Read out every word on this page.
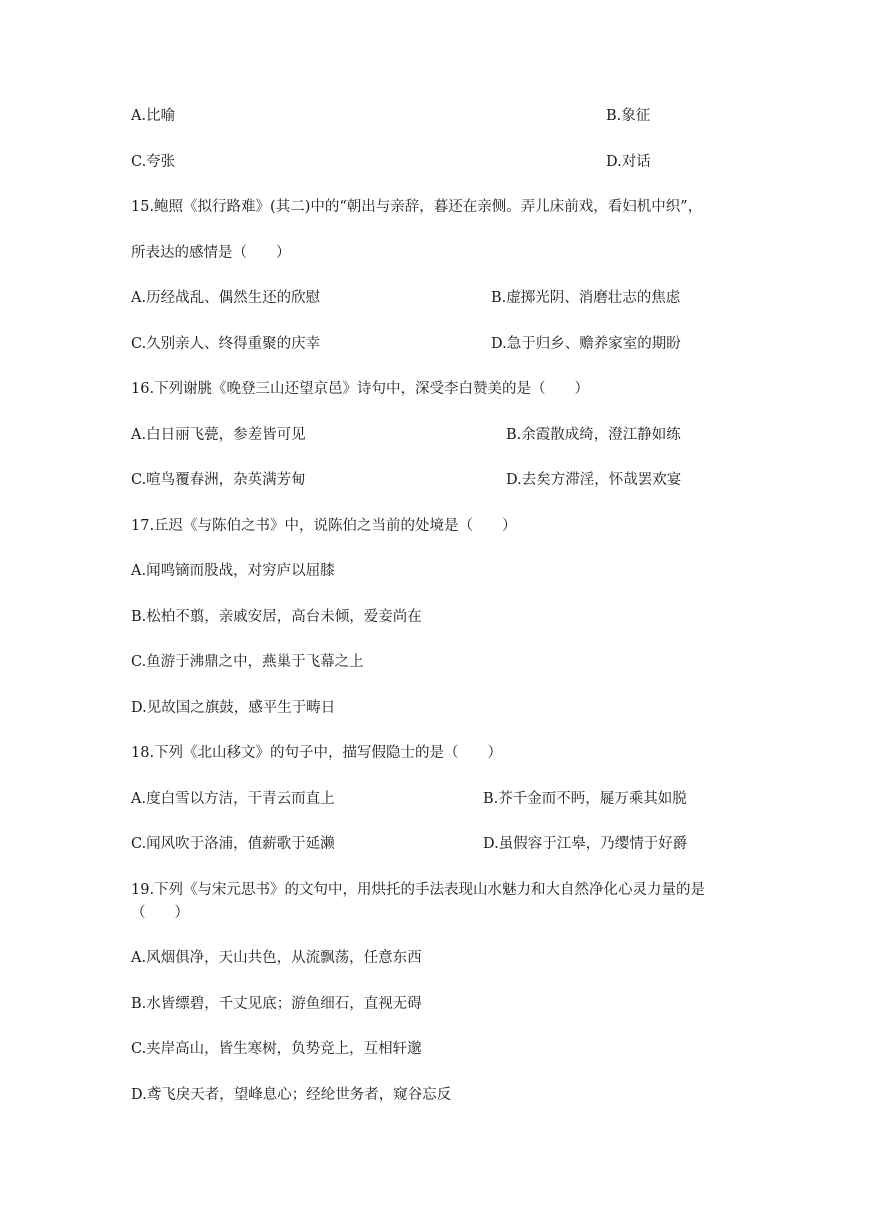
A.比喻	B.象征
C.夸张	D.对话
15.鲍照《拟行路难》(其二)中的“朝出与亲辞，暮还在亲侧。弄儿床前戏，看妇机中织”，
所表达的感情是（　　）
A.历经战乱、偶然生还的欣慰	B.虚掷光阴、消磨壮志的焦虑
C.久别亲人、终得重聚的庆幸	D.急于归乡、赡养家室的期盼
16.下列谢朓《晚登三山还望京邑》诗句中，深受李白赞美的是（　　）
A.白日丽飞甍，参差皆可见	B.余霞散成绮，澄江静如练
C.喧鸟覆春洲，杂英满芳甸	D.去矣方滞淫，怀哉罢欢宴
17.丘迟《与陈伯之书》中，说陈伯之当前的处境是（　　）
A.闻鸣镝而股战，对穷庐以屈膝
B.松柏不翦，亲戚安居，高台未倾，爱妾尚在
C.鱼游于沸鼎之中，燕巢于飞幕之上
D.见故国之旗鼓，感平生于畴日
18.下列《北山移文》的句子中，描写假隐士的是（　　）
A.度白雪以方洁，干青云而直上	B.芥千金而不眄，屣万乘其如脱
C.闻风吹于洛浦，值薪歌于延濑	D.虽假容于江皋，乃缨情于好爵
19.下列《与宋元思书》的文句中，用烘托的手法表现山水魅力和大自然净化心灵力量的是
（　　）
A.风烟俱净，天山共色，从流飘荡，任意东西
B.水皆缥碧，千丈见底；游鱼细石，直视无碍
C.夹岸高山，皆生寒树，负势竞上，互相轩邈
D.鸢飞戾天者，望峰息心；经纶世务者，窥谷忘反
